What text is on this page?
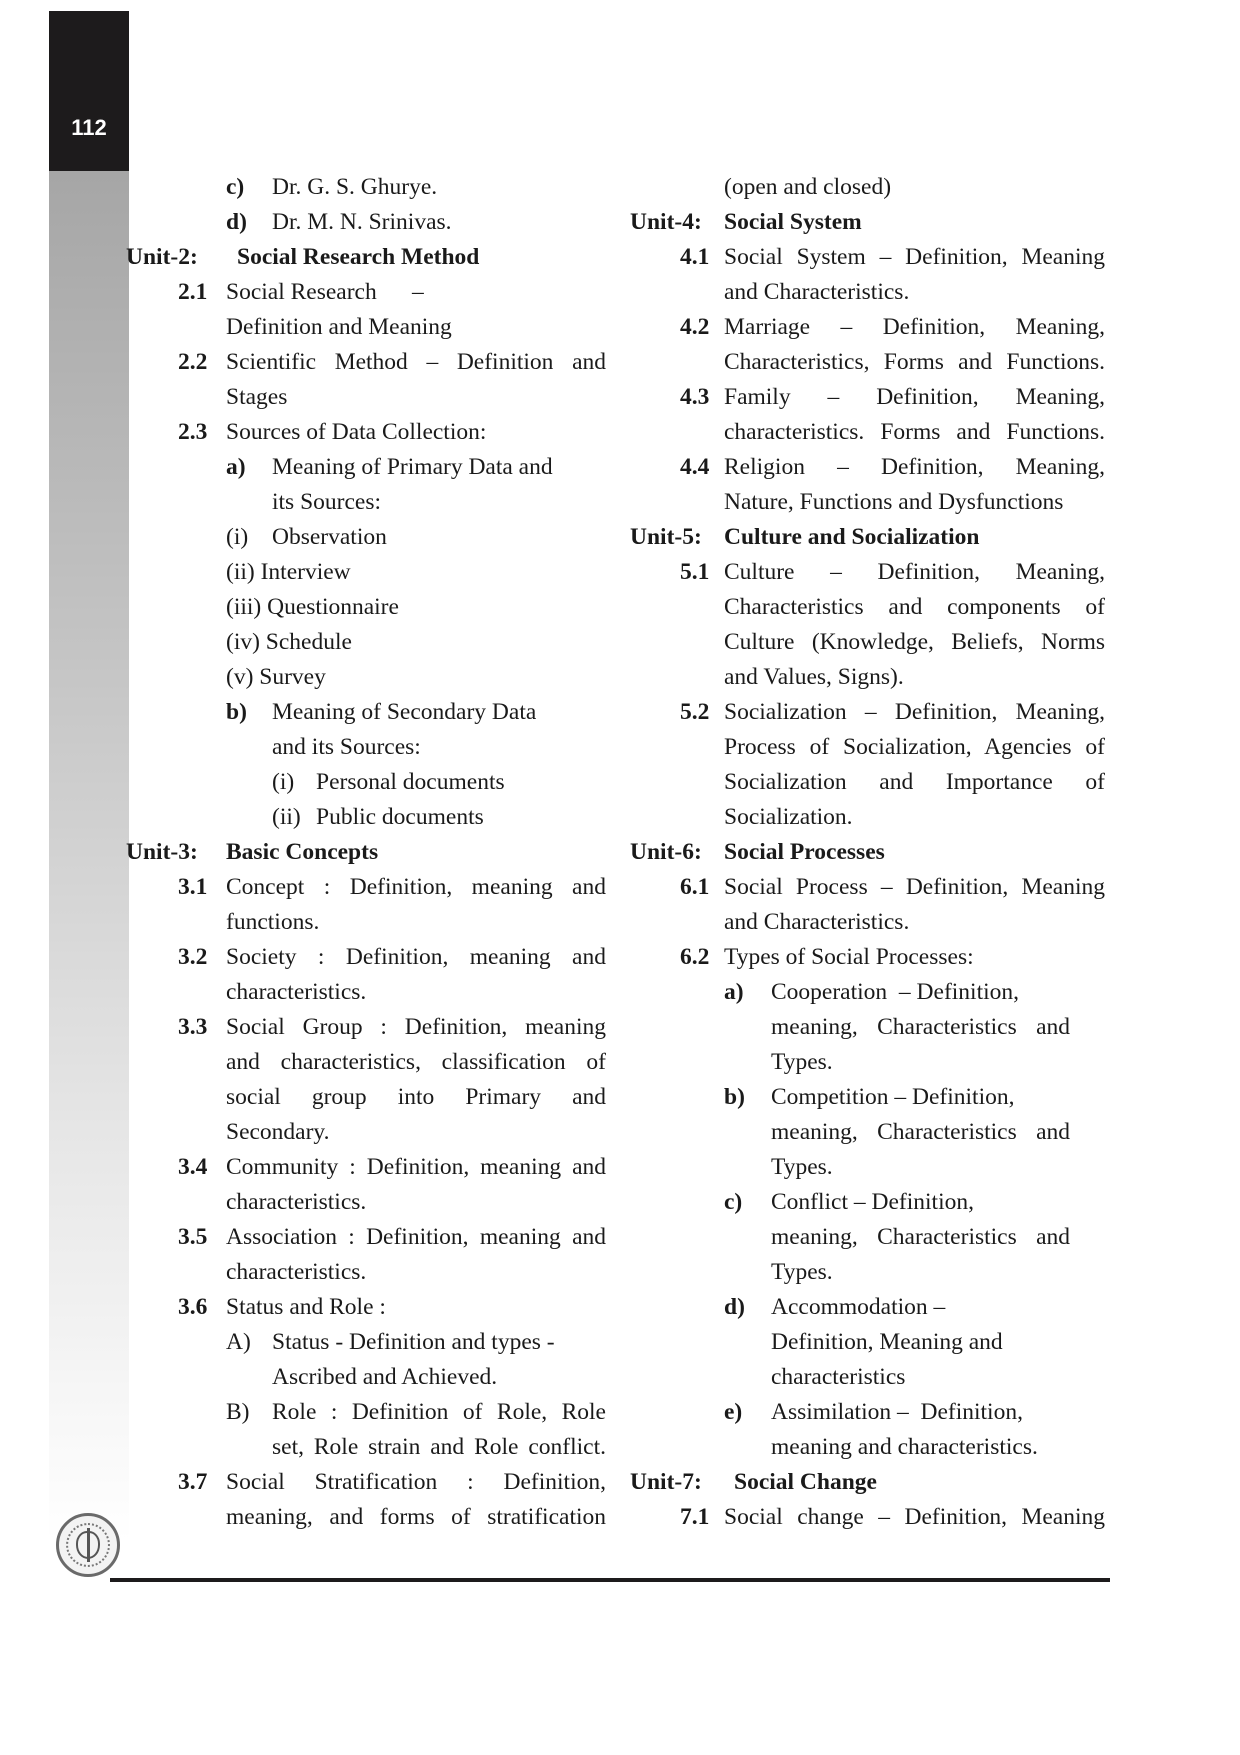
112
c) Dr. G. S. Ghurye.
d) Dr. M. N. Srinivas.
Unit-2: Social Research Method
2.1 Social Research      –
Definition and Meaning
2.2 Scientific Method – Definition and
Stages
2.3 Sources of Data Collection:
a) Meaning of Primary Data and
its Sources:
(i) Observation
(ii) Interview
(iii) Questionnaire
(iv) Schedule
(v) Survey
b) Meaning of Secondary Data
and its Sources:
(i) Personal documents
(ii) Public documents
Unit-3: Basic Concepts
3.1 Concept : Definition, meaning and
functions.
3.2 Society : Definition, meaning and
characteristics.
3.3 Social Group : Definition, meaning
and characteristics, classification of
social group into Primary and
Secondary.
3.4 Community : Definition, meaning and
characteristics.
3.5 Association : Definition, meaning and
characteristics.
3.6 Status and Role :
A) Status - Definition and types -
Ascribed and Achieved.
B) Role : Definition of Role, Role
set, Role strain and Role conflict.
3.7 Social Stratification : Definition,
meaning, and forms of stratification
(open and closed)
Unit-4: Social System
4.1 Social System – Definition, Meaning
and Characteristics.
4.2 Marriage – Definition, Meaning,
Characteristics, Forms and Functions.
4.3 Family – Definition, Meaning,
characteristics. Forms and Functions.
4.4 Religion – Definition, Meaning,
Nature, Functions and Dysfunctions
Unit-5: Culture and Socialization
5.1 Culture – Definition, Meaning,
Characteristics and components of
Culture (Knowledge, Beliefs, Norms
and Values, Signs).
5.2 Socialization – Definition, Meaning,
Process of Socialization, Agencies of
Socialization and Importance of
Socialization.
Unit-6: Social Processes
6.1 Social Process – Definition, Meaning
and Characteristics.
6.2 Types of Social Processes:
a) Cooperation  – Definition,
meaning, Characteristics and
Types.
b) Competition – Definition,
meaning, Characteristics and
Types.
c) Conflict – Definition,
meaning, Characteristics and
Types.
d) Accommodation –
Definition, Meaning and
characteristics
e) Assimilation –  Definition,
meaning and characteristics.
Unit-7: Social Change
7.1 Social change – Definition, Meaning
